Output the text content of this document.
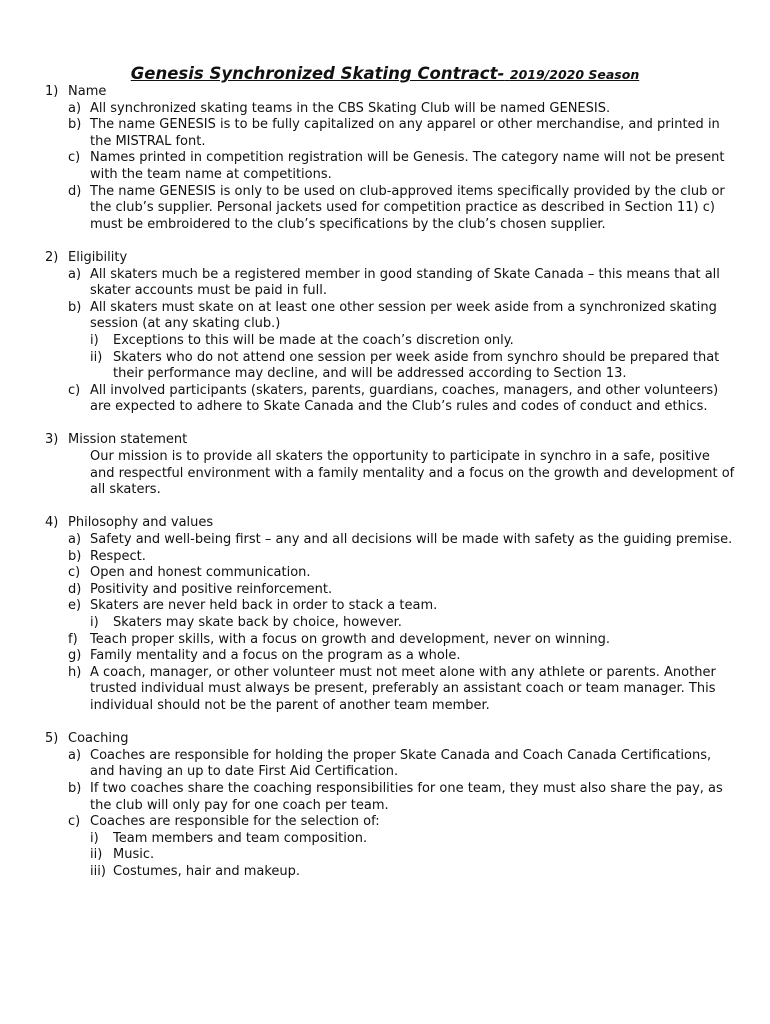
Genesis Synchronized Skating Contract- 2019/2020 Season
1) Name
a) All synchronized skating teams in the CBS Skating Club will be named GENESIS.
b) The name GENESIS is to be fully capitalized on any apparel or other merchandise, and printed in the MISTRAL font.
c) Names printed in competition registration will be Genesis. The category name will not be present with the team name at competitions.
d) The name GENESIS is only to be used on club-approved items specifically provided by the club or the club’s supplier. Personal jackets used for competition practice as described in Section 11) c) must be embroidered to the club’s specifications by the club’s chosen supplier.
2) Eligibility
a) All skaters much be a registered member in good standing of Skate Canada – this means that all skater accounts must be paid in full.
b) All skaters must skate on at least one other session per week aside from a synchronized skating session (at any skating club.)
i)	Exceptions to this will be made at the coach’s discretion only.
ii) Skaters who do not attend one session per week aside from synchro should be prepared that their performance may decline, and will be addressed according to Section 13.
c) All involved participants (skaters, parents, guardians, coaches, managers, and other volunteers) are expected to adhere to Skate Canada and the Club’s rules and codes of conduct and ethics.
3) Mission statement
Our mission is to provide all skaters the opportunity to participate in synchro in a safe, positive and respectful environment with a family mentality and a focus on the growth and development of all skaters.
4) Philosophy and values
a) Safety and well-being first – any and all decisions will be made with safety as the guiding premise.
b) Respect.
c) Open and honest communication.
d) Positivity and positive reinforcement.
e) Skaters are never held back in order to stack a team.
i)	Skaters may skate back by choice, however.
f) Teach proper skills, with a focus on growth and development, never on winning.
g) Family mentality and a focus on the program as a whole.
h) A coach, manager, or other volunteer must not meet alone with any athlete or parents. Another trusted individual must always be present, preferably an assistant coach or team manager. This individual should not be the parent of another team member.
5) Coaching
a) Coaches are responsible for holding the proper Skate Canada and Coach Canada Certifications, and having an up to date First Aid Certification.
b) If two coaches share the coaching responsibilities for one team, they must also share the pay, as the club will only pay for one coach per team.
c) Coaches are responsible for the selection of:
i)	Team members and team composition.
ii) Music.
iii) Costumes, hair and makeup.
